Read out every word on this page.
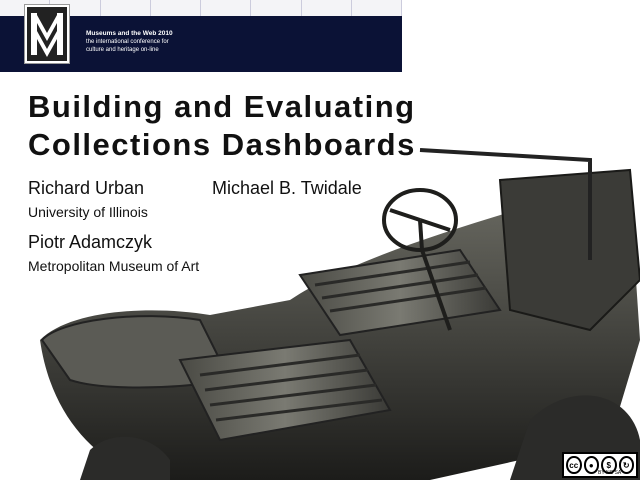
Museums and the Web 2010
the international conference for
culture and heritage on-line
Building and Evaluating
Collections Dashboards
Richard Urban	Michael B. Twidale
University of Illinois
Piotr Adamczyk
Metropolitan Museum of Art
cc	●	$	↻
BY NC SA
